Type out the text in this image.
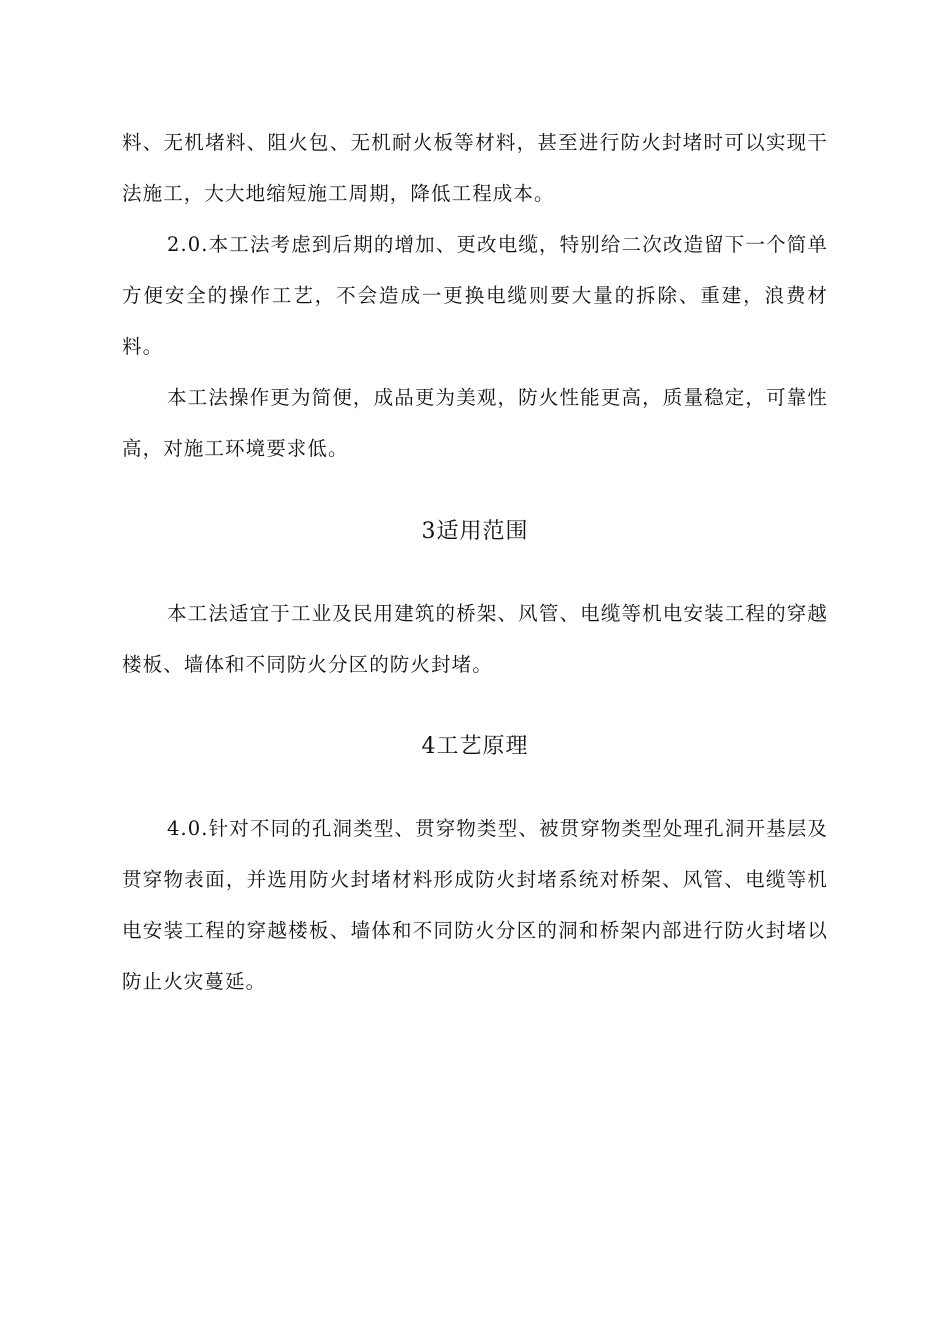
料、无机堵料、阻火包、无机耐火板等材料，甚至进行防火封堵时可以实现干法施工，大大地缩短施工周期，降低工程成本。

2.0.本工法考虑到后期的增加、更改电缆，特别给二次改造留下一个简单方便安全的操作工艺，不会造成一更换电缆则要大量的拆除、重建，浪费材料。

本工法操作更为简便，成品更为美观，防火性能更高，质量稳定，可靠性高，对施工环境要求低。

3适用范围

本工法适宜于工业及民用建筑的桥架、风管、电缆等机电安装工程的穿越楼板、墙体和不同防火分区的防火封堵。

4工艺原理

4.0.针对不同的孔洞类型、贯穿物类型、被贯穿物类型处理孔洞开基层及贯穿物表面，并选用防火封堵材料形成防火封堵系统对桥架、风管、电缆等机电安装工程的穿越楼板、墙体和不同防火分区的洞和桥架内部进行防火封堵以防止火灾蔓延。
